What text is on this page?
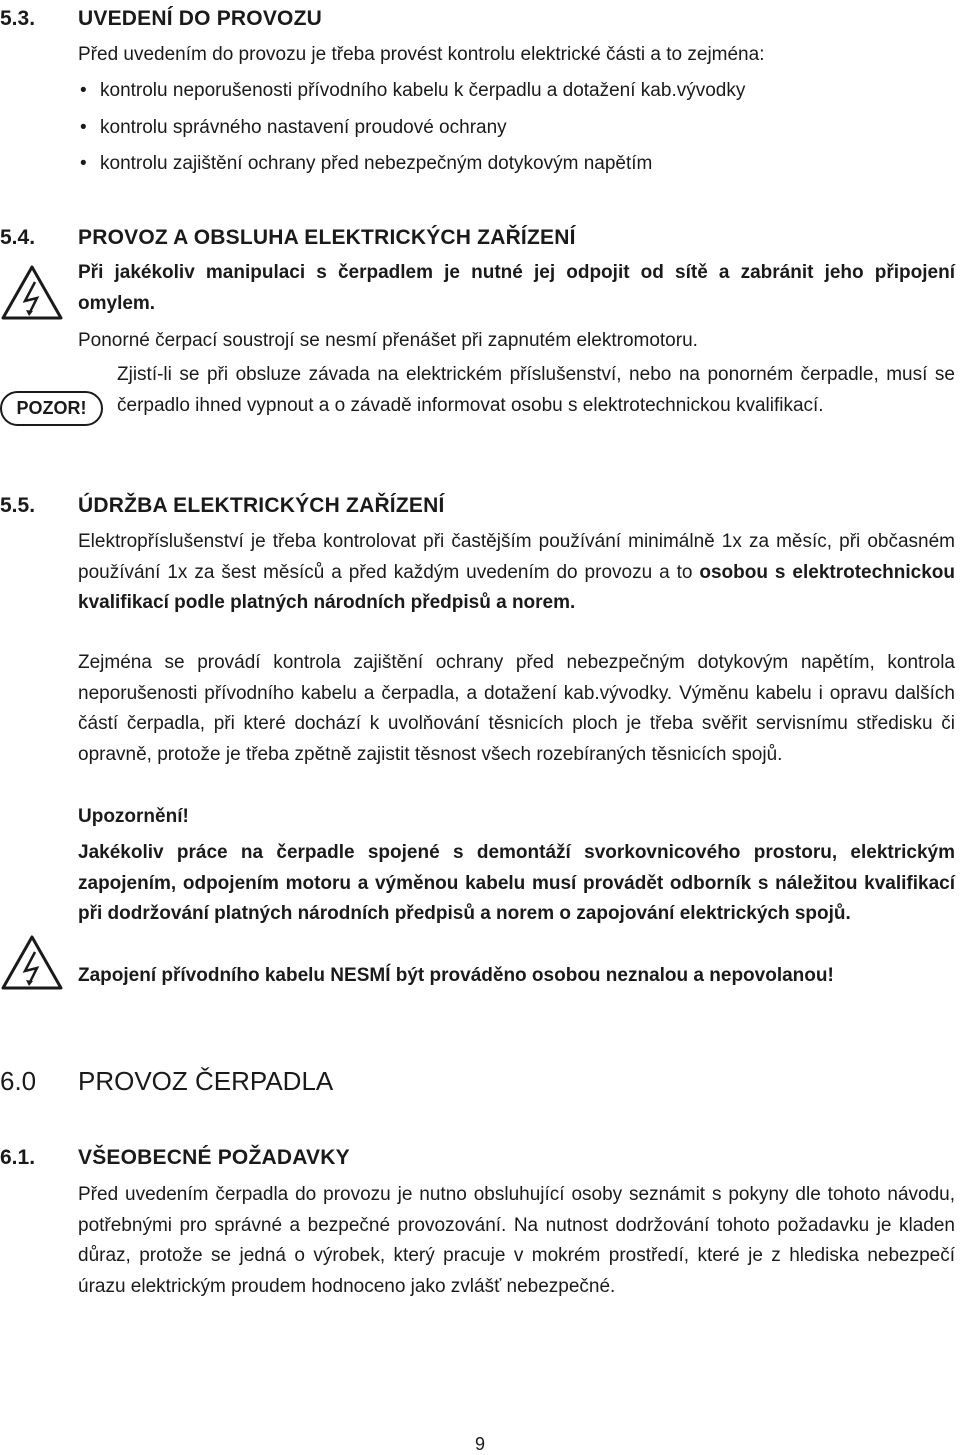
5.3. UVEDENÍ DO PROVOZU
Před uvedením do provozu je třeba provést kontrolu elektrické části a to zejména:
• kontrolu neporušenosti přívodního kabelu k čerpadlu a dotažení kab.vývodky
• kontrolu správného nastavení proudové ochrany
• kontrolu zajištění ochrany před nebezpečným dotykovým napětím
5.4. PROVOZ A OBSLUHA ELEKTRICKÝCH ZAŘÍZENÍ
Při jakékoliv manipulaci s čerpadlem je nutné jej odpojit od sítě a zabránit jeho připojení omylem.
Ponorné čerpací soustrojí se nesmí přenášet při zapnutém elektromotoru.
POZOR!
Zjistí-li se při obsluze závada na elektrickém příslušenství, nebo na ponorném čerpadle, musí se čerpadlo ihned vypnout a o závadě informovat osobu s elektrotechnickou kvalifikací.
5.5. ÚDRŽBA ELEKTRICKÝCH ZAŘÍZENÍ
Elektropříslušenství je třeba kontrolovat při častějším používání minimálně 1x za měsíc, při občasném používání 1x za šest měsíců a před každým uvedením do provozu a to osobou s elektrotechnickou kvalifikací podle platných národních předpisů a norem.
Zejména se provádí kontrola zajištění ochrany před nebezpečným dotykovým napětím, kontrola neporušenosti přívodního kabelu a čerpadla, a dotažení kab.vývodky. Výměnu kabelu i opravu dalších částí čerpadla, při které dochází k uvolňování těsnicích ploch je třeba svěřit servisnímu středisku či opravně, protože je třeba zpětně zajistit těsnost všech rozebíraných těsnicích spojů.
Upozornění!
Jakékoliv práce na čerpadle spojené s demontáží svorkovnicového prostoru, elektrickým zapojením, odpojením motoru a výměnou kabelu musí provádět odborník s náležitou kvalifikací při dodržování platných národních předpisů a norem o zapojování elektrických spojů.
Zapojení přívodního kabelu NESMÍ být prováděno osobou neznalou a nepovolanou!
6.0 PROVOZ ČERPADLA
6.1. VŠEOBECNÉ POŽADAVKY
Před uvedením čerpadla do provozu je nutno obsluhující osoby seznámit s pokyny dle tohoto návodu, potřebnými pro správné a bezpečné provozování. Na nutnost dodržování tohoto požadavku je kladen důraz, protože se jedná o výrobek, který pracuje v mokrém prostředí, které je z hlediska nebezpečí úrazu elektrickým proudem hodnoceno jako zvlášť nebezpečné.
9
